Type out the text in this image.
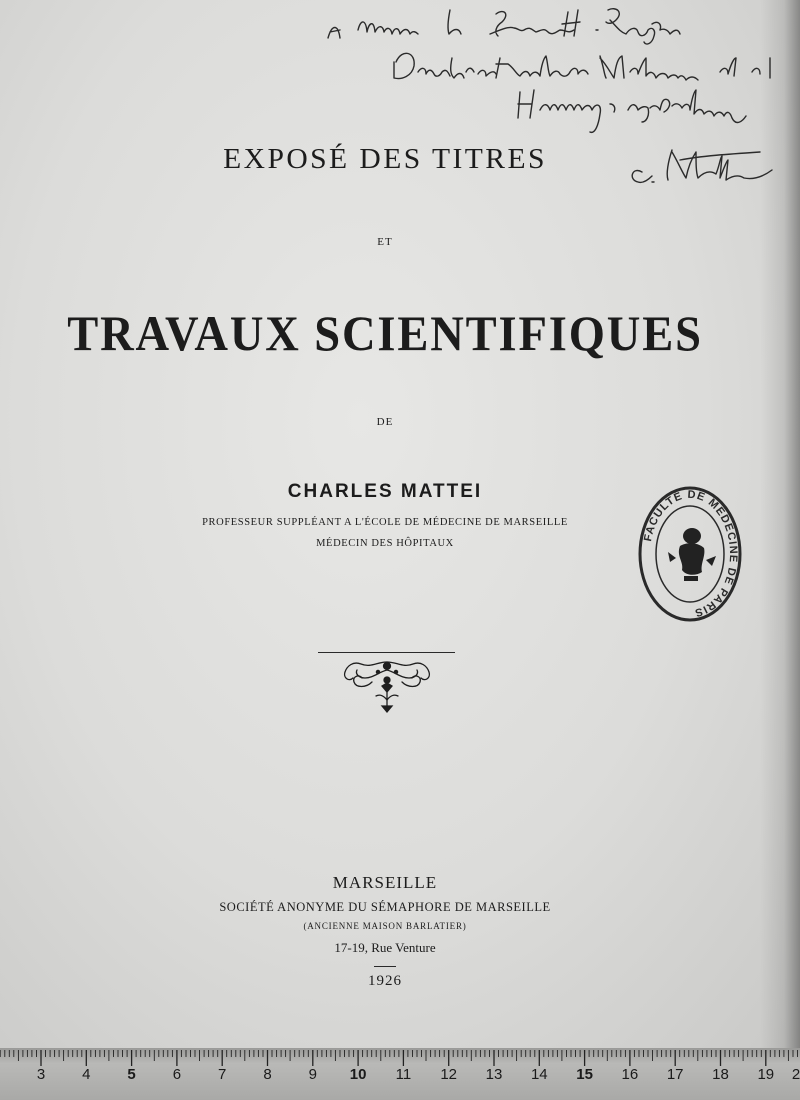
EXPOSÉ DES TITRES
ET
TRAVAUX SCIENTIFIQUES
DE
CHARLES MATTEI
PROFESSEUR SUPPLÉANT A L'ÉCOLE DE MÉDECINE DE MARSEILLE
MÉDECIN DES HÔPITAUX
FACULTÉ DE MÉDECINE DE PARIS
MARSEILLE
SOCIÉTÉ ANONYME DU SÉMAPHORE DE MARSEILLE
(ANCIENNE MAISON BARLATIER)
17-19, Rue Venture
1926
3 4 5 6 7 8 9 10 11 12 13 14 15 16 17 18 19 2
